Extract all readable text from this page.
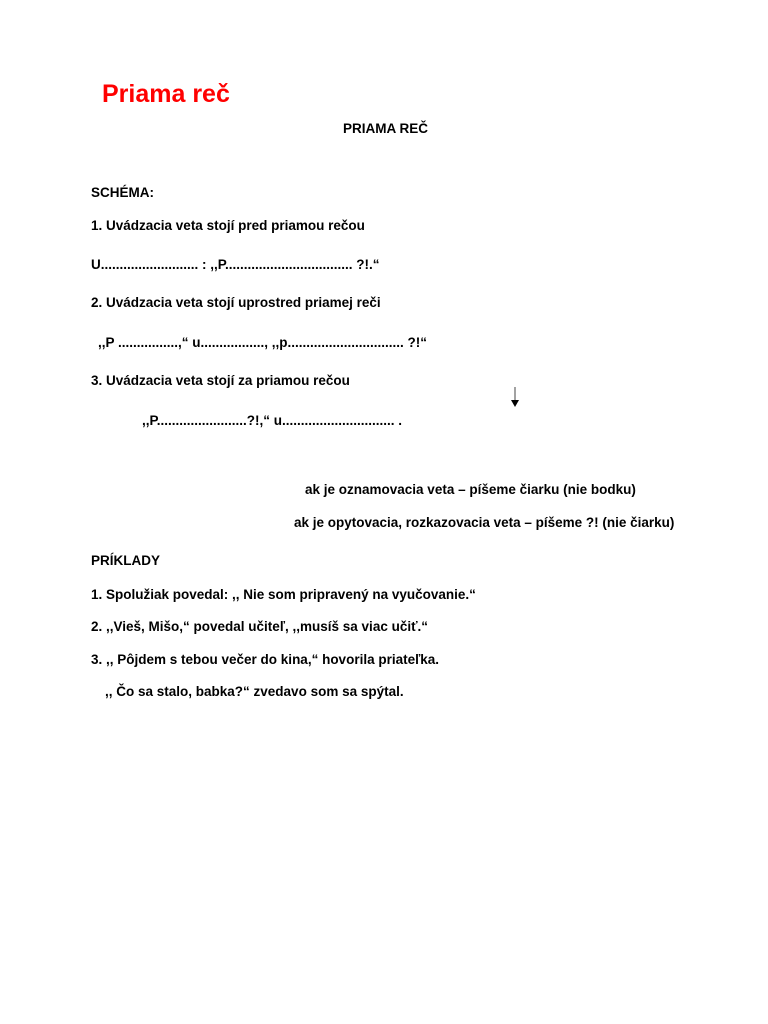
Priama reč
PRIAMA REČ
SCHÉMA:
1. Uvádzacia veta stojí pred priamou rečou
U.......................... : ,,P.................................. ?!.“
2. Uvádzacia veta stojí uprostred priamej reči
,,P ................,“ u................., ,,p............................... ?!“
3. Uvádzacia veta stojí za priamou rečou
,,P........................?!,“ u.............................. .
ak je oznamovacia veta – píšeme čiarku (nie bodku)
ak je opytovacia, rozkazovacia veta – píšeme ?! (nie čiarku)
PRÍKLADY
1. Spolužiak povedal: ,, Nie som pripravený na vyučovanie.“
2. ,,Vieš, Mišo,“ povedal učiteľ, ,,musíš sa viac učiť.“
3. ,, Pôjdem s tebou večer do kina,“ hovorila priateľka.
,, Čo sa stalo, babka?“ zvedavo som sa spýtal.
